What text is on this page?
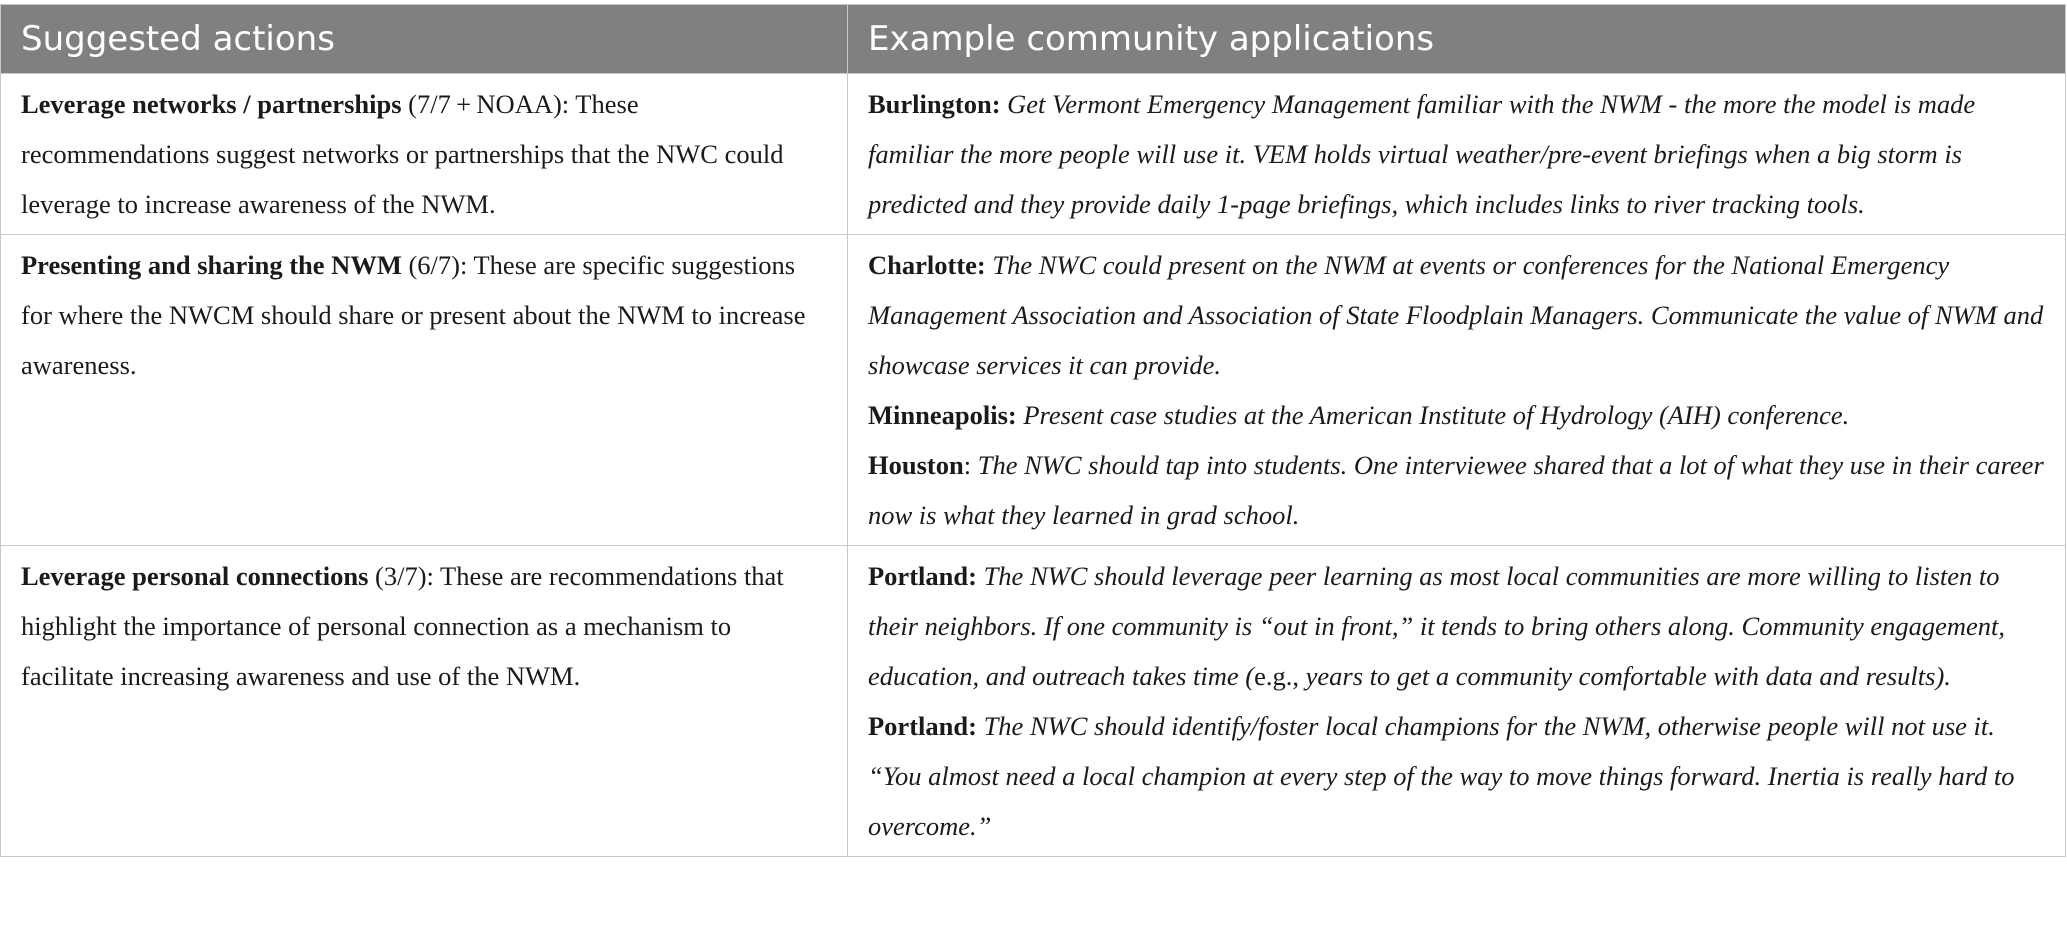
Suggested actions	Example community applications
Leverage networks / partnerships (7/7 + NOAA): These recommendations suggest networks or partnerships that the NWC could leverage to increase awareness of the NWM.	Burlington: Get Vermont Emergency Management familiar with the NWM - the more the model is made familiar the more people will use it. VEM holds virtual weather/pre-event briefings when a big storm is predicted and they provide daily 1-page briefings, which includes links to river tracking tools.

Presenting and sharing the NWM (6/7): These are specific suggestions for where the NWCM should share or present about the NWM to increase awareness.	Charlotte: The NWC could present on the NWM at events or conferences for the National Emergency Management Association and Association of State Floodplain Managers. Communicate the value of NWM and showcase services it can provide.
Minneapolis: Present case studies at the American Institute of Hydrology (AIH) conference.
Houston: The NWC should tap into students. One interviewee shared that a lot of what they use in their career now is what they learned in grad school.

Leverage personal connections (3/7): These are recommendations that highlight the importance of personal connection as a mechanism to facilitate increasing awareness and use of the NWM.	Portland: The NWC should leverage peer learning as most local communities are more willing to listen to their neighbors. If one community is “out in front,” it tends to bring others along. Community engagement, education, and outreach takes time (e.g., years to get a community comfortable with data and results).
Portland: The NWC should identify/foster local champions for the NWM, otherwise people will not use it. “You almost need a local champion at every step of the way to move things forward. Inertia is really hard to overcome.”
